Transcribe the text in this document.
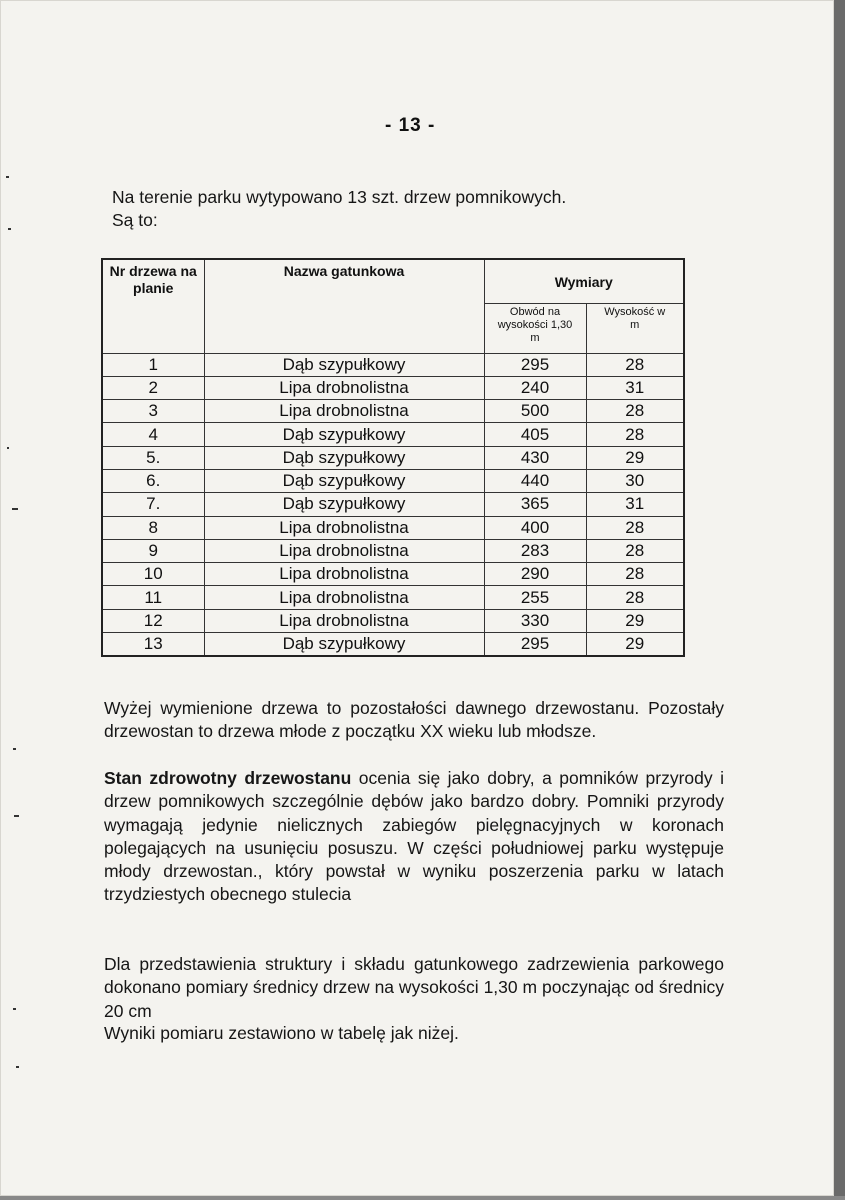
- 13 -
Na terenie parku wytypowano 13 szt. drzew pomnikowych.
Są to:
Nr drzewa na planie	Nazwa gatunkowa	Wymiary	
		Obwód na wysokości 1,30 m	Wysokość w m
1	Dąb szypułkowy	295	28
2	Lipa drobnolistna	240	31
3	Lipa drobnolistna	500	28
4	Dąb szypułkowy	405	28
5.	Dąb szypułkowy	430	29
6.	Dąb szypułkowy	440	30
7.	Dąb szypułkowy	365	31
8	Lipa drobnolistna	400	28
9	Lipa drobnolistna	283	28
10	Lipa drobnolistna	290	28
11	Lipa drobnolistna	255	28
12	Lipa drobnolistna	330	29
13	Dąb szypułkowy	295	29
Wyżej wymienione drzewa to pozostałości dawnego drzewostanu. Pozostały drzewostan to drzewa młode z początku XX wieku lub młodsze.
Stan zdrowotny drzewostanu ocenia się jako dobry, a pomników przyrody i drzew pomnikowych szczególnie dębów jako bardzo dobry. Pomniki przyrody wymagają jedynie nielicznych zabiegów pielęgnacyjnych w koronach polegających na usunięciu posuszu. W części południowej parku występuje młody drzewostan., który powstał w wyniku poszerzenia parku w latach trzydziestych obecnego stulecia
Dla przedstawienia struktury i składu gatunkowego zadrzewienia parkowego dokonano pomiary średnicy drzew na wysokości 1,30 m poczynając od średnicy 20 cm
Wyniki pomiaru zestawiono w tabelę jak niżej.
